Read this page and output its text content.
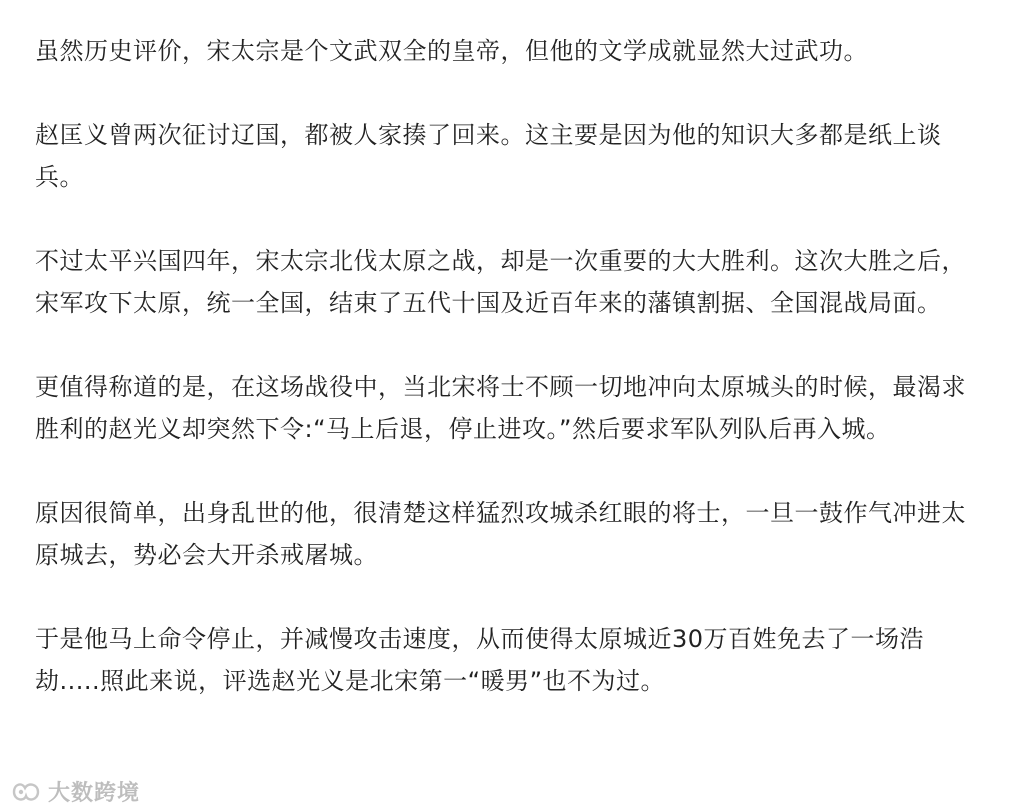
虽然历史评价，宋太宗是个文武双全的皇帝，但他的文学成就显然大过武功。

赵匡义曾两次征讨辽国，都被人家揍了回来。这主要是因为他的知识大多都是纸上谈兵。

不过太平兴国四年，宋太宗北伐太原之战，却是一次重要的大大胜利。这次大胜之后，宋军攻下太原，统一全国，结束了五代十国及近百年来的藩镇割据、全国混战局面。

更值得称道的是，在这场战役中，当北宋将士不顾一切地冲向太原城头的时候，最渴求胜利的赵光义却突然下令:“马上后退，停止进攻。”然后要求军队列队后再入城。

原因很简单，出身乱世的他，很清楚这样猛烈攻城杀红眼的将士，一旦一鼓作气冲进太原城去，势必会大开杀戒屠城。

于是他马上命令停止，并减慢攻击速度，从而使得太原城近30万百姓免去了一场浩劫.....照此来说，评选赵光义是北宋第一“暖男”也不为过。

大数跨境
